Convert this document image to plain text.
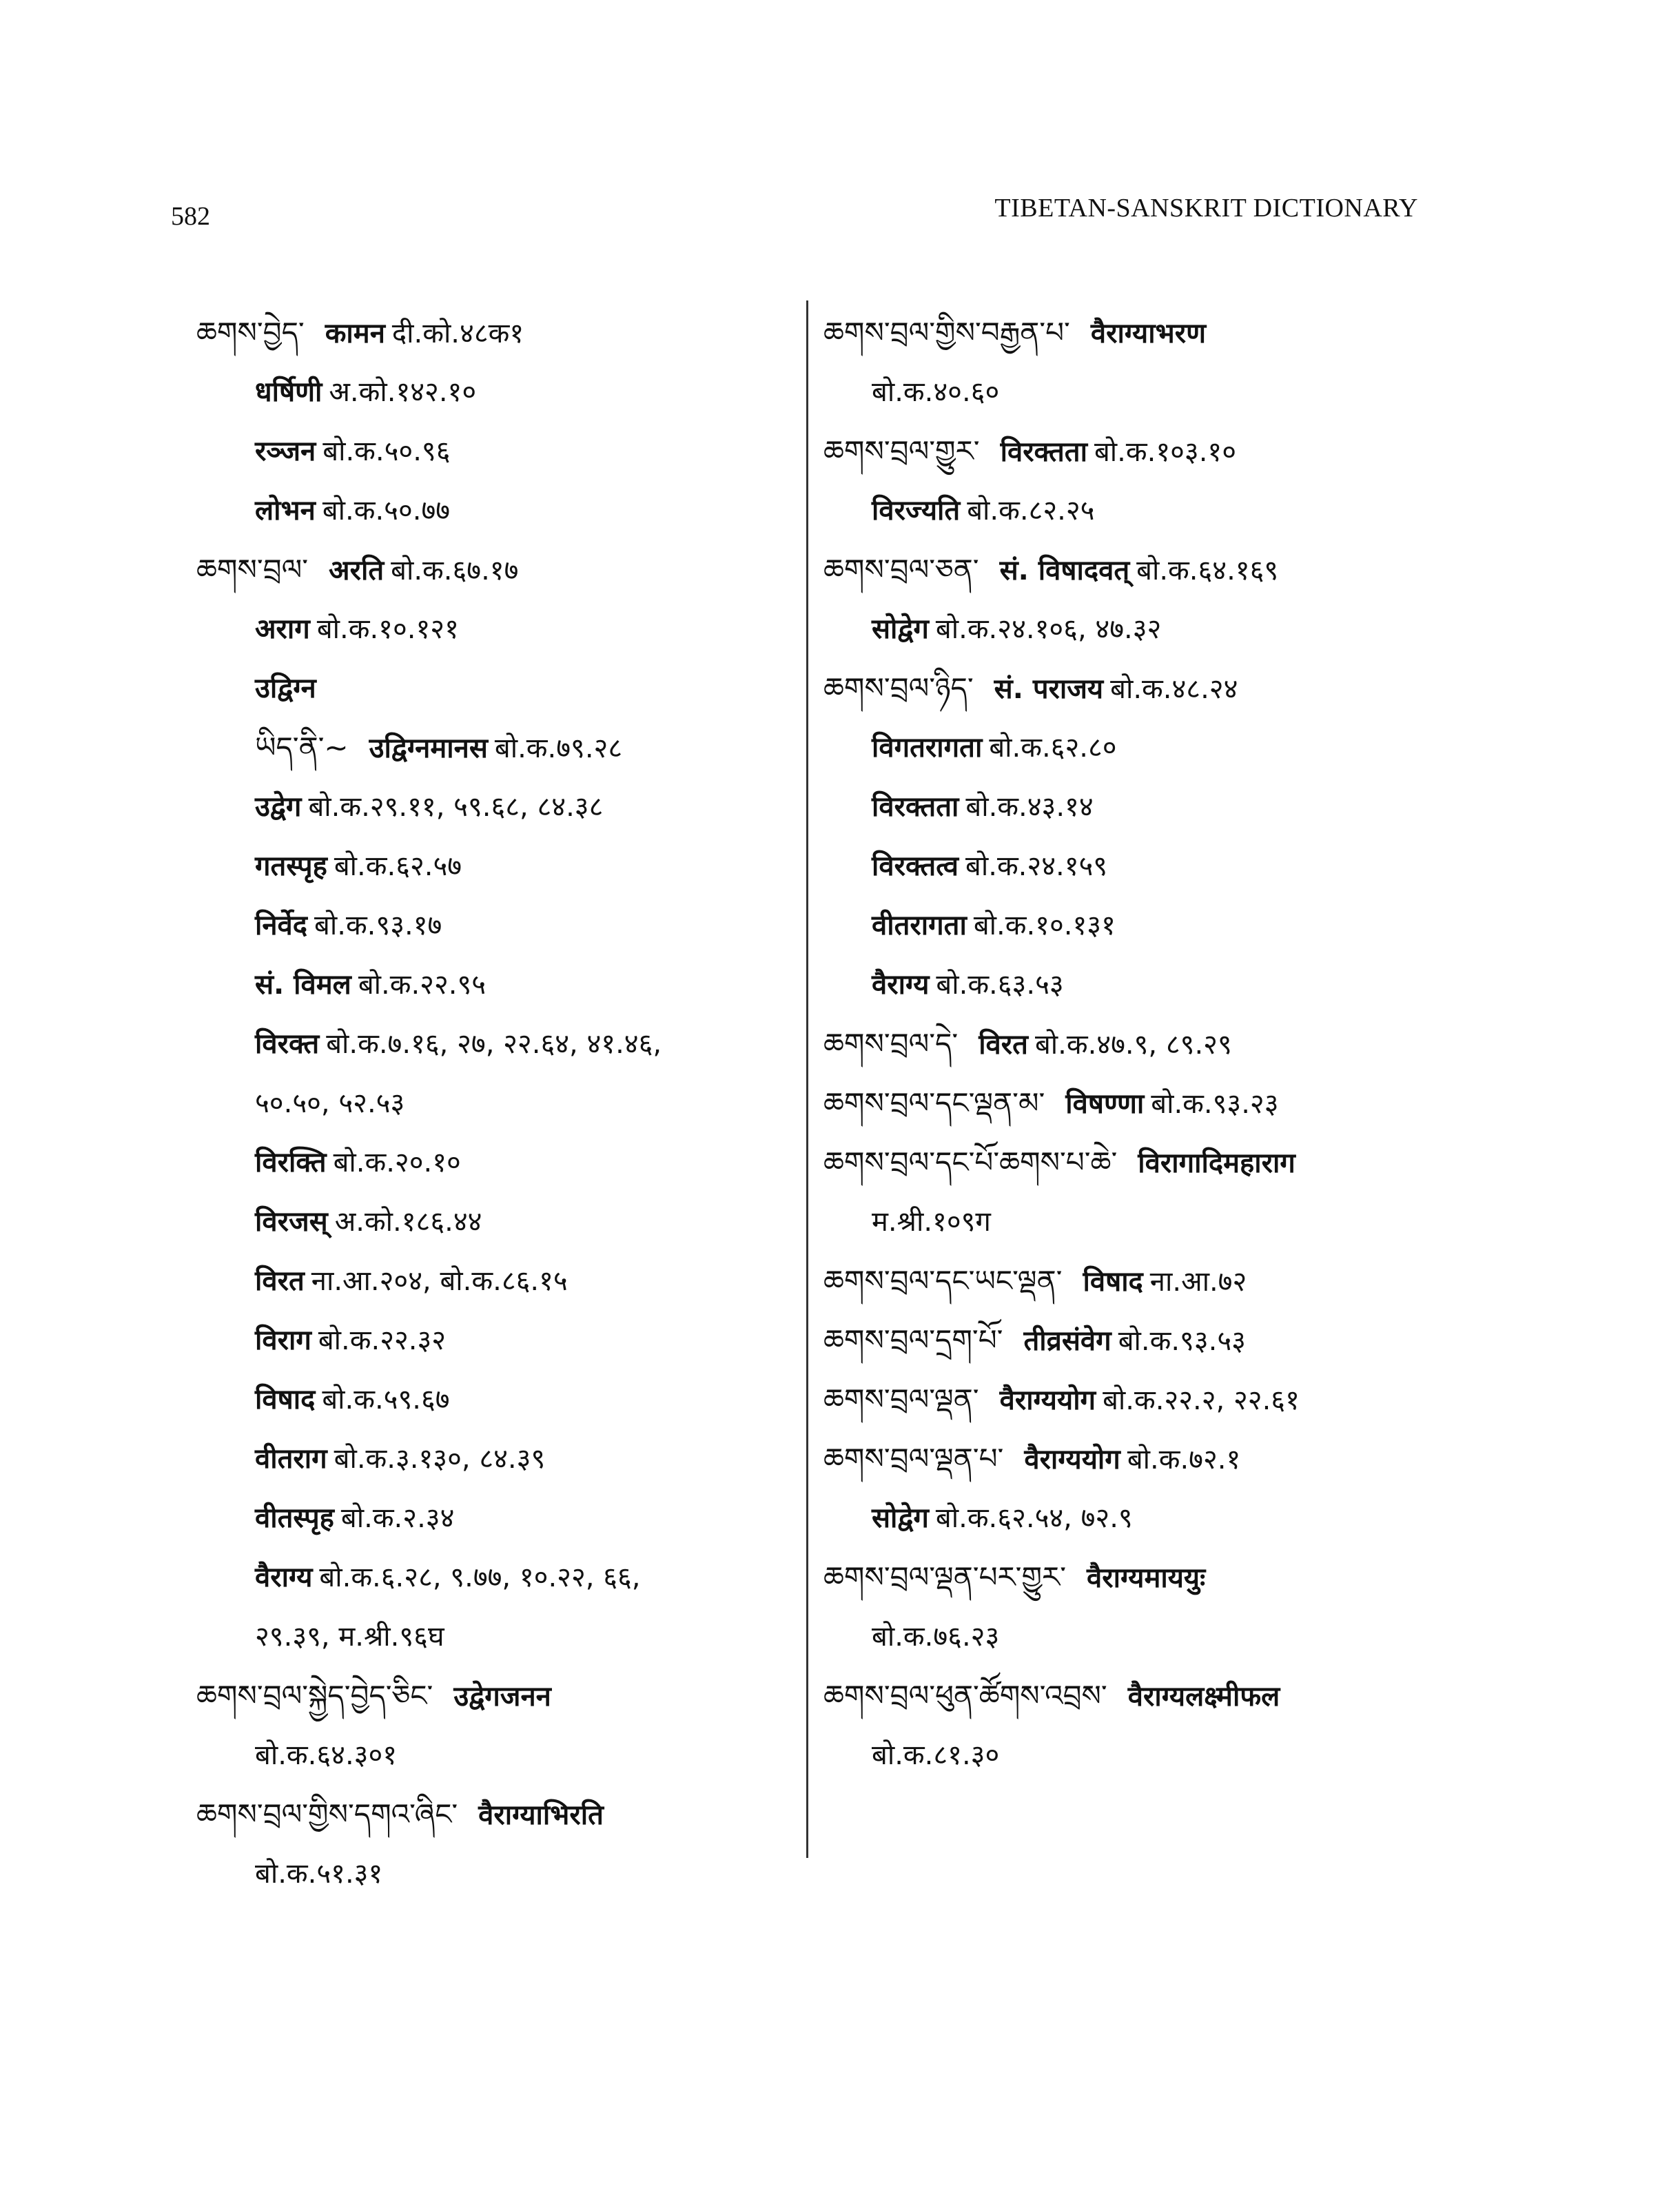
582	TIBETAN-SANSKRIT DICTIONARY
ཆགས་བྱེད་ कामन दी.को.४८क१
धर्षिणी अ.को.१४२.१०
रञ्जन बो.क.५०.९६
लोभन बो.क.५०.७७
ཆགས་བྲལ་ अरति बो.क.६७.१७
अराग बो.क.१०.१२१
उद्विग्न
ཡིད་ནི་~ उद्विग्नमानस बो.क.७९.२८
उद्वेग बो.क.२९.११, ५९.६८, ८४.३८
गतस्पृह बो.क.६२.५७
निर्वेद बो.क.९३.१७
सं. विमल बो.क.२२.९५
विरक्त बो.क.७.१६, २७, २२.६४, ४१.४६,
५०.५०, ५२.५३
विरक्ति बो.क.२०.१०
विरजस् अ.को.१८६.४४
विरत ना.आ.२०४, बो.क.८६.१५
विराग बो.क.२२.३२
विषाद बो.क.५९.६७
वीतराग बो.क.३.१३०, ८४.३९
वीतस्पृह बो.क.२.३४
वैराग्य बो.क.६.२८, ९.७७, १०.२२, ६६,
२९.३९, म.श्री.९६घ
ཆགས་བྲལ་སྐྱེད་བྱེད་ཅིང་ उद्वेगजनन
बो.क.६४.३०१
ཆགས་བྲལ་གྱིས་དགའ་ཞིང་ वैराग्याभिरति
बो.क.५१.३१
ཆགས་བྲལ་གྱིས་བརྒྱན་པ་ वैराग्याभरण
बो.क.४०.६०
ཆགས་བྲལ་གྱུར་ विरक्तता बो.क.१०३.१०
विरज्यति बो.क.८२.२५
ཆགས་བྲལ་ཅན་ सं. विषादवत् बो.क.६४.१६९
सोद्वेग बो.क.२४.१०६, ४७.३२
ཆགས་བྲལ་ཉིད་ सं. पराजय बो.क.४८.२४
विगतरागता बो.क.६२.८०
विरक्तता बो.क.४३.१४
विरक्तत्व बो.क.२४.१५९
वीतरागता बो.क.१०.१३१
वैराग्य बो.क.६३.५३
ཆགས་བྲལ་དེ་ विरत बो.क.४७.९, ८९.२९
ཆགས་བྲལ་དང་ལྡན་མ་ विषण्णा बो.क.९३.२३
ཆགས་བྲལ་དང་པོ་ཆགས་པ་ཆེ་ विरागादिमहाराग
म.श्री.१०९ग
ཆགས་བྲལ་དང་ཡང་ལྡན་ विषाद ना.आ.७२
ཆགས་བྲལ་དྲག་པོ་ तीव्रसंवेग बो.क.९३.५३
ཆགས་བྲལ་ལྡན་ वैराग्ययोग बो.क.२२.२, २२.६१
ཆགས་བྲལ་ལྡན་པ་ वैराग्ययोग बो.क.७२.१
सोद्वेग बो.क.६२.५४, ७२.९
ཆགས་བྲལ་ལྡན་པར་གྱུར་ वैराग्यमाययुः
बो.क.७६.२३
ཆགས་བྲལ་ཕུན་ཚོགས་འབྲས་ वैराग्यलक्ष्मीफल
बो.क.८१.३०
